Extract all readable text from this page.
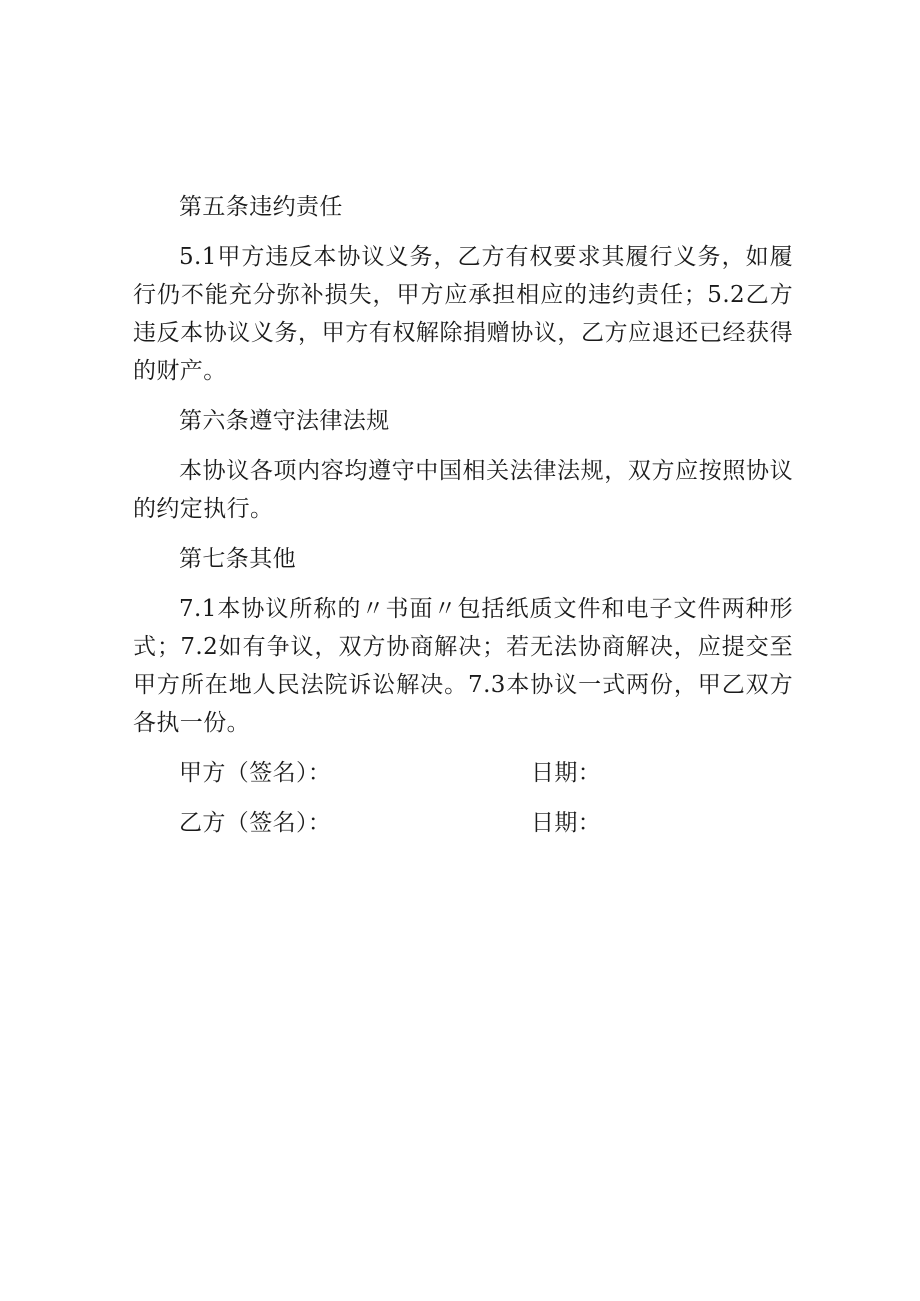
第五条违约责任
5.1甲方违反本协议义务，乙方有权要求其履行义务，如履行仍不能充分弥补损失，甲方应承担相应的违约责任；5.2乙方违反本协议义务，甲方有权解除捐赠协议，乙方应退还已经获得的财产。
第六条遵守法律法规
本协议各项内容均遵守中国相关法律法规，双方应按照协议的约定执行。
第七条其他
7.1本协议所称的〃书面〃包括纸质文件和电子文件两种形式；7.2如有争议，双方协商解决；若无法协商解决，应提交至甲方所在地人民法院诉讼解决。7.3本协议一式两份，甲乙双方各执一份。
甲方（签名）：	日期：
乙方（签名）：	日期：
